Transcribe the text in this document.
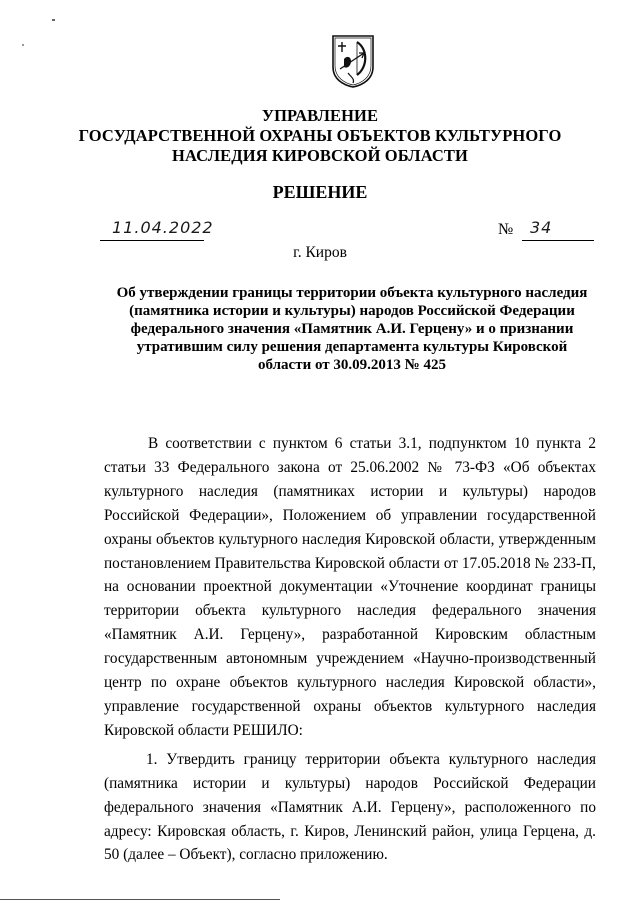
УПРАВЛЕНИЕ
ГОСУДАРСТВЕННОЙ ОХРАНЫ ОБЪЕКТОВ КУЛЬТУРНОГО
НАСЛЕДИЯ КИРОВСКОЙ ОБЛАСТИ
РЕШЕНИЕ
11.04.2022	№ 34
г. Киров
Об утверждении границы территории объекта культурного наследия
(памятника истории и культуры) народов Российской Федерации
федерального значения «Памятник А.И. Герцену» и о признании
утратившим силу решения департамента культуры Кировской
области от 30.09.2013 № 425

В соответствии с пунктом 6 статьи 3.1, подпунктом 10 пункта 2 статьи 33 Федерального закона от 25.06.2002 № 73-ФЗ «Об объектах культурного наследия (памятниках истории и культуры) народов Российской Федерации», Положением об управлении государственной охраны объектов культурного наследия Кировской области, утвержденным постановлением Правительства Кировской области от 17.05.2018 № 233-П, на основании проектной документации «Уточнение координат границы территории объекта культурного наследия федерального значения «Памятник А.И. Герцену», разработанной Кировским областным государственным автономным учреждением «Научно-производственный центр по охране объектов культурного наследия Кировской области», управление государственной охраны объектов культурного наследия Кировской области РЕШИЛО:

1. Утвердить границу территории объекта культурного наследия (памятника истории и культуры) народов Российской Федерации федерального значения «Памятник А.И. Герцену», расположенного по адресу: Кировская область, г. Киров, Ленинский район, улица Герцена, д. 50 (далее – Объект), согласно приложению.
